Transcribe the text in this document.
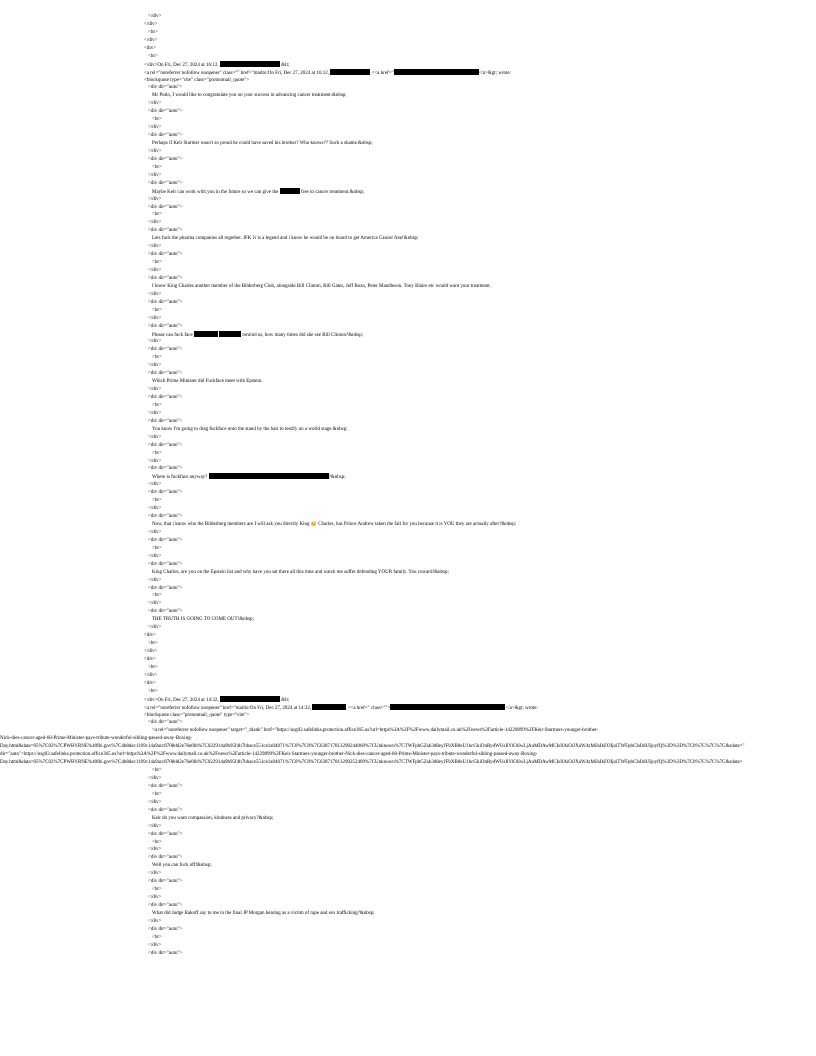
</div>
</div>
<br>
</div>
<div>
<br>
</div>On Fri, Dec 27, 2024 at 16:12,	&lt;
<a rel="noreferrer nofollow noopener" class="" href="mailto:On Fri, Dec 27, 2024 at 16:12,	<<a href="	</a>&gt; wrote:
<blockquote type="cite" class="protonmail_quote">
<div dir="auto">
Mr Putin, I would like to congratulate you on your success in advancing cancer treatment.&nbsp;
</div>
<div dir="auto">
<br>
</div>
<div dir="auto">
Perhaps if Keir Starmer wasn't so proud he could have saved his brother? Who knows?? Such a shame.&nbsp;
</div>
<div dir="auto">
<br>
</div>
<div dir="auto">
Maybe Keir can work with you in the future so we can give the	free to cancer treatment.&nbsp;
</div>
<div dir="auto">
<br>
</div>
<div dir="auto">
Lets fuck the pharma companies all together. JFK Jr is a legend and i know he would be on board to get America Cancer free!&nbsp;
</div>
<div dir="auto">
<br>
</div>
<div dir="auto">
I know King Charles another member of the Bilderberg Club, alongside Bill Clinton, Bill Gates, Jeff Bozo, Peter Mandleson, Tony Blaire etc would want your treatment.
</div>
<div dir="auto">
<br>
</div>
<div dir="auto">
Please can fuck face	remind us, how many times did she see Bill Clinton?&nbsp;
</div>
<div dir="auto">
<br>
</div>
<div dir="auto">
Which Prime Minister did Fuckface meet with Epstein.
</div>
<div dir="auto">
<br>
</div>
<div dir="auto">
You know I'm going to drag fuckface onto the stand by the hair to testify on a world stage.&nbsp;
</div>
<div dir="auto">
<br>
</div>
<div dir="auto">
Where is fuckface anyway?	?&nbsp;
</div>
<div dir="auto">
<br>
</div>
<div dir="auto">
Now, that i know who the Bilderberg members are I will ask you directly King 👑 Charles, has Prince Andrew taken the fall for you because it is YOU they are actually after?&nbsp;
</div>
<div dir="auto">
<br>
</div>
<div dir="auto">
King Charles, are you on the Epstein list and why have you sat there all this time and watch me suffer defending YOUR family. You coward!&nbsp;
</div>
<div dir="auto">
<br>
</div>
<div dir="auto">
THE TRUTH IS GOING TO COME OUT!&nbsp;
</div>
<div>
<br>
</div>
<div>
<br>
</div>
<div>
<br>
</div>On Fri, Dec 27, 2024 at 14:32,	&lt;
<a rel="noreferrer nofollow noopener" href="mailto:On Fri, Dec 27, 2024 at 14:32,	<<a href=" class="">	</a>&gt; wrote:
<blockquote class="protonmail_quote" type="cite">
<div dir="auto">
<a rel="noreferrer nofollow noopener" target="_blank" href="https://usg02.safelinks.protection.office365.us?url=https%3A%2F%2Fwww.dailymail.co.uk%2Fnews%2Farticle-14229899%2FKeir-Starmers-younger-brother-
Nick-dies-cancer-aged-60-Prime-Minister-pays-tribute-wonderful-sibling-passed-away-Boxing-
Day.html&data=05%7C02%7CPWBYRNE%40fbi.gov%7C4b8dec1109c14a9acc8708dd2e76efdb%7C022914a9b95f4b7bbace551ce1a04071%7C0%7C0%7C638717813290244060%7CUnknown%7CTWFpbGZsb3d8eyJFbXB0eU1hcGkiOnRydWUsIlYiOiIwLjAuMDAwMCIsIlAiOiJXaW4zMiIsIkFOIjoiTWFpbCIsIldUIjoyfQ%3D%3D%7C0%7C%7C%7C&sdata="
dir="auto">https://usg02.safelinks.protection.office365.us?url=https%3A%2F%2Fwww.dailymail.co.uk%2Fnews%2Farticle-14229899%2FKeir-Starmers-younger-brother-Nick-dies-cancer-aged-60-Prime-Minister-pays-tribute-wonderful-sibling-passed-away-Boxing-
Day.html&data=05%7C02%7CPWBYRNE%40fbi.gov%7C4b8dec1109c14a9acc8708dd2e76efdb%7C022914a9b95f4b7bbace551ce1a04071%7C0%7C0%7C638717813290252409%7CUnknown%7CTWFpbGZsb3d8eyJFbXB0eU1hcGkiOnRydWUsIlYiOiIwLjAuMDAwMCIsIlAiOiJXaW4zMiIsIkFOIjoiTWFpbCIsIldUIjoyfQ%3D%3D%7C0%7C%7C%7C&sdata=
<br>
</div>
<div dir="auto">
<br>
</div>
<div dir="auto">
Keir do you want compassion, kindness and privacy?&nbsp;
</div>
<div dir="auto">
<br>
</div>
<div dir="auto">
Well you can fuck off!&nbsp;
</div>
<div dir="auto">
<br>
</div>
<div dir="auto">
What did Judge Rakoff say to me in the final JP Morgan hearing as a victim of rape and sex trafficking?&nbsp;
</div>
<div dir="auto">
<br>
</div>
<div dir="auto">
